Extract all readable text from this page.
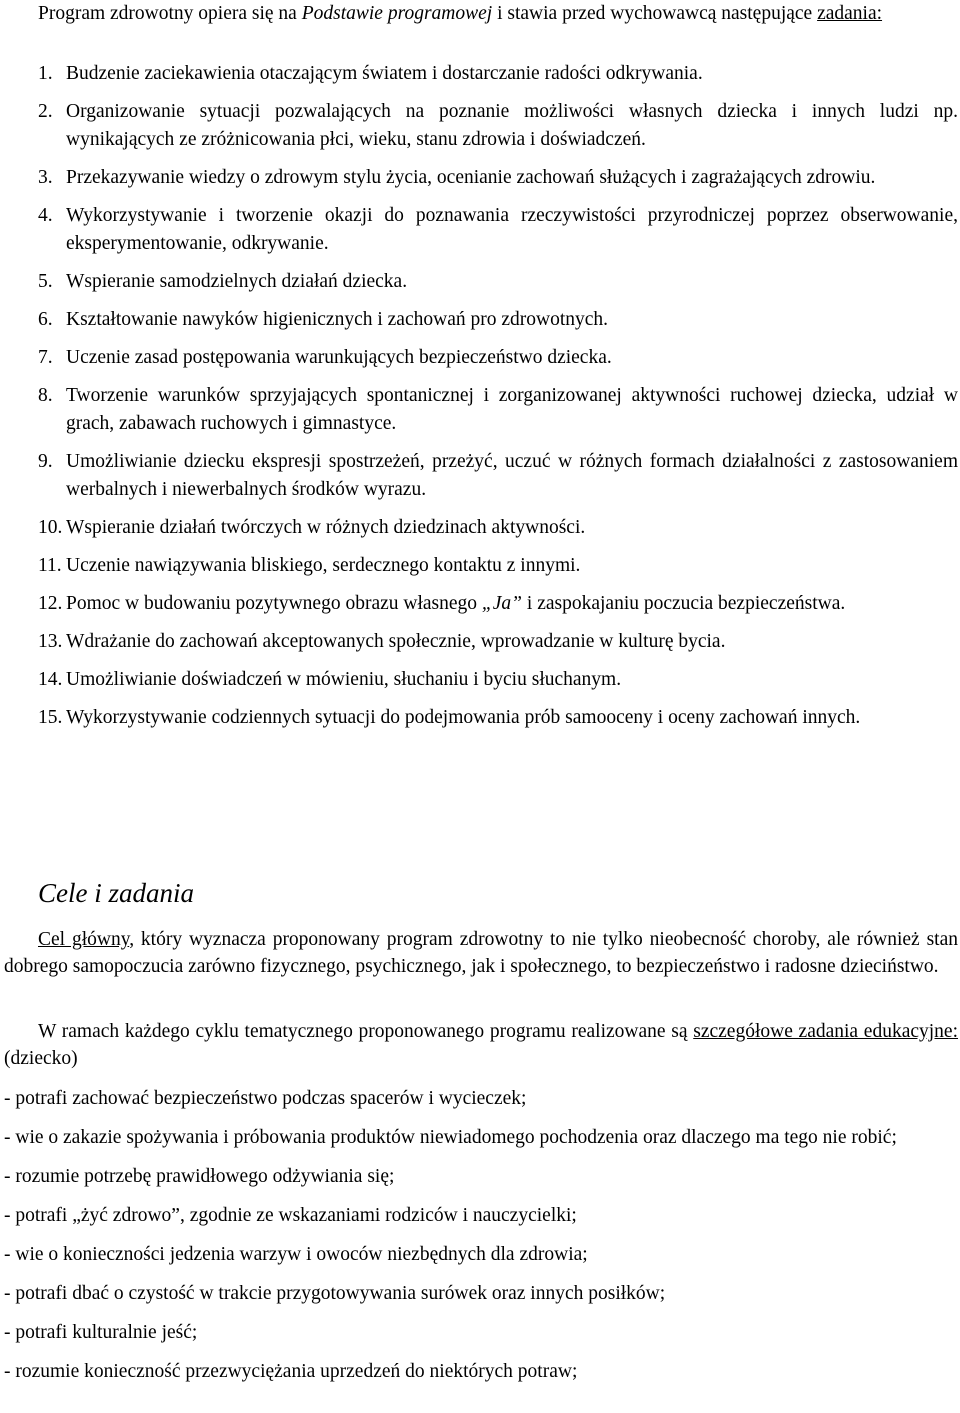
Program zdrowotny opiera się na Podstawie programowej i stawia przed wychowawcą następujące zadania:

1. Budzenie zaciekawienia otaczającym światem i dostarczanie radości odkrywania.
2. Organizowanie sytuacji pozwalających na poznanie możliwości własnych dziecka i innych ludzi np. wynikających ze zróżnicowania płci, wieku, stanu zdrowia i doświadczeń.
3. Przekazywanie wiedzy o zdrowym stylu życia, ocenianie zachowań służących i zagrażających zdrowiu.
4. Wykorzystywanie i tworzenie okazji do poznawania rzeczywistości przyrodniczej poprzez obserwowanie, eksperymentowanie, odkrywanie.
5. Wspieranie samodzielnych działań dziecka.
6. Kształtowanie nawyków higienicznych i zachowań pro zdrowotnych.
7. Uczenie zasad postępowania warunkujących bezpieczeństwo dziecka.
8. Tworzenie warunków sprzyjających spontanicznej i zorganizowanej aktywności ruchowej dziecka, udział w grach, zabawach ruchowych i gimnastyce.
9. Umożliwianie dziecku ekspresji spostrzeżeń, przeżyć, uczuć w różnych formach działalności z zastosowaniem werbalnych i niewerbalnych środków wyrazu.
10. Wspieranie działań twórczych w różnych dziedzinach aktywności.
11. Uczenie nawiązywania bliskiego, serdecznego kontaktu z innymi.
12. Pomoc w budowaniu pozytywnego obrazu własnego „Ja” i zaspokajaniu poczucia bezpieczeństwa.
13. Wdrażanie do zachowań akceptowanych społecznie, wprowadzanie w kulturę bycia.
14. Umożliwianie doświadczeń w mówieniu, słuchaniu i byciu słuchanym.
15. Wykorzystywanie codziennych sytuacji do podejmowania prób samooceny i oceny zachowań innych.
Cele i zadania

Cel główny, który wyznacza proponowany program zdrowotny to nie tylko nieobecność choroby, ale również stan dobrego samopoczucia zarówno fizycznego, psychicznego, jak i społecznego, to bezpieczeństwo i radosne dzieciństwo.

W ramach każdego cyklu tematycznego proponowanego programu realizowane są szczegółowe zadania edukacyjne: (dziecko)

- potrafi zachować bezpieczeństwo podczas spacerów i wycieczek;
- wie o zakazie spożywania i próbowania produktów niewiadomego pochodzenia oraz dlaczego ma tego nie robić;
- rozumie potrzebę prawidłowego odżywiania się;
- potrafi „żyć zdrowo”, zgodnie ze wskazaniami rodziców i nauczycielki;
- wie o konieczności jedzenia warzyw i owoców niezbędnych dla zdrowia;
- potrafi dbać o czystość w trakcie przygotowywania surówek oraz innych posiłków;
- potrafi kulturalnie jeść;
- rozumie konieczność przezwyciężania uprzedzeń do niektórych potraw;
